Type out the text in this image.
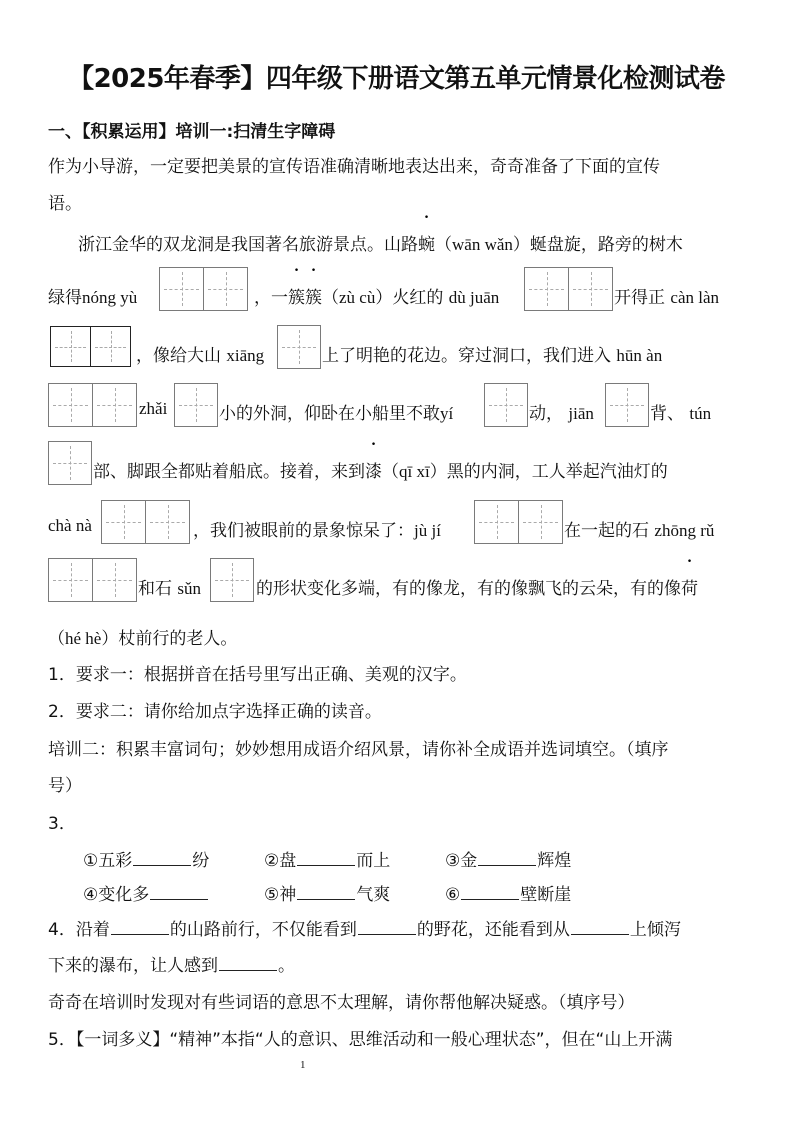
【2025年春季】四年级下册语文第五单元情景化检测试卷
一、【积累运用】培训一:扫清生字障碍
作为小导游，一定要把美景的宣传语准确清晰地表达出来，奇奇准备了下面的宣传
语。
浙江金华的双龙洞是我国著名旅游景点。山路蜿（wān wǎn）蜒盘旋，路旁的树木
绿得nóng yù	，一簇簇（zù cù）火红的 dù juān	开得正 càn làn
，像给大山 xiāng	上了明艳的花边。穿过洞口，我们进入 hūn àn
zhǎi	小的外洞，仰卧在小船里不敢yí	动， jiān	背、 tún
部、脚跟全都贴着船底。接着，来到漆（qī xī）黑的内洞，工人举起汽油灯的
chà nà	，我们被眼前的景象惊呆了：jù jí	在一起的石 zhōng rǔ
和石 sǔn	的形状变化多端，有的像龙，有的像飘飞的云朵，有的像荷
（hé hè）杖前行的老人。
1．要求一：根据拼音在括号里写出正确、美观的汉字。
2．要求二：请你给加点字选择正确的读音。
培训二：积累丰富词句；妙妙想用成语介绍风景，请你补全成语并选词填空。（填序
号）
3．
①五彩	纷	②盘	而上	③金	辉煌
④变化多	⑤神	气爽	⑥	壁断崖
4．沿着	的山路前行，不仅能看到	的野花，还能看到从	上倾泻
下来的瀑布，让人感到	。
奇奇在培训时发现对有些词语的意思不太理解，请你帮他解决疑惑。（填序号）
5．【一词多义】“精神”本指“人的意识、思维活动和一般心理状态”，但在“山上开满
1
